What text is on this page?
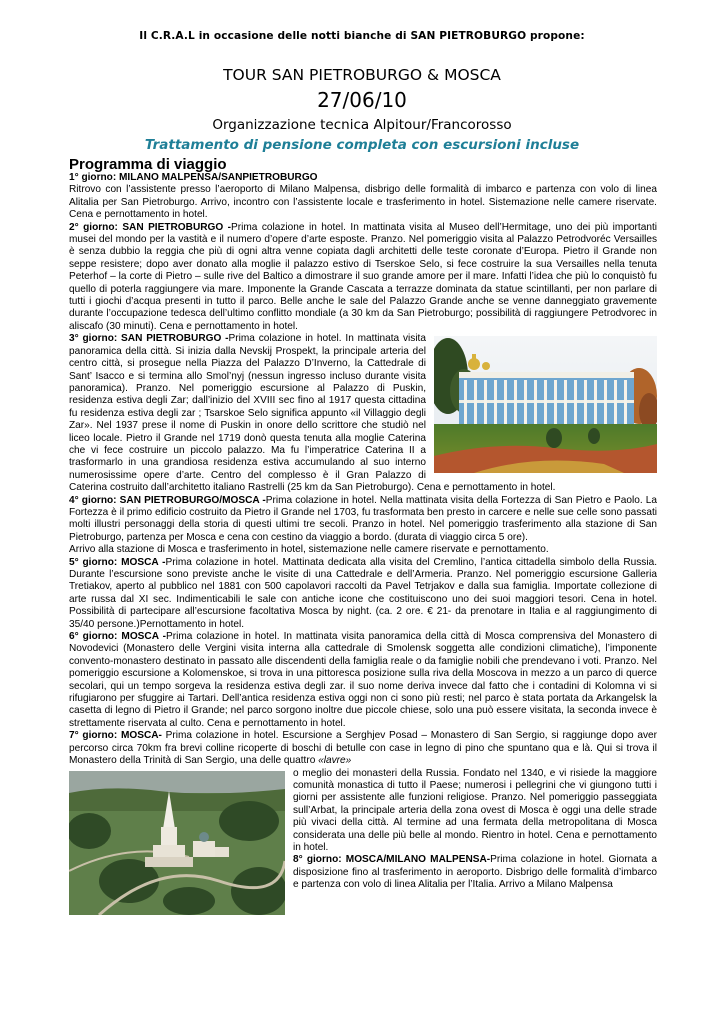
Il C.R.A.L in occasione delle notti bianche di SAN PIETROBURGO propone:
TOUR SAN PIETROBURGO & MOSCA
27/06/10
Organizzazione tecnica Alpitour/Francorosso
Trattamento di pensione completa con escursioni incluse
Programma di viaggio

1° giorno: MILANO MALPENSA/SANPIETROBURGO
Ritrovo con l’assistente presso l’aeroporto di Milano Malpensa, disbrigo delle formalità di imbarco e partenza con volo di linea Alitalia per San Pietroburgo. Arrivo, incontro con l’assistente locale e trasferimento in hotel. Sistemazione nelle camere riservate. Cena e pernottamento in hotel.

2° giorno: SAN PIETROBURGO -Prima colazione in hotel. In mattinata visita al Museo dell’Hermitage, uno dei più importanti musei del mondo per la vastità e il numero d’opere d’arte esposte. Pranzo. Nel pomeriggio visita al Palazzo Petrodvoréc Versailles è senza dubbio la reggia che più di ogni altra venne copiata dagli architetti delle teste coronate d’Europa. Pietro il Grande non seppe resistere; dopo aver donato alla moglie il palazzo estivo di Tserskoe Selo, si fece costruire la sua Versailles nella tenuta Peterhof – la corte di Pietro – sulle rive del Baltico a dimostrare il suo grande amore per il mare. Infatti l’idea che più lo conquistò fu quello di poterla raggiungere via mare. Imponente la Grande Cascata a terrazze dominata da statue scintillanti, per non parlare di tutti i giochi d’acqua presenti in tutto il parco. Belle anche le sale del Palazzo Grande anche se venne danneggiato gravemente durante l’occupazione tedesca dell’ultimo conflitto mondiale (a 30 km da San Pietroburgo; possibilità di raggiungere Petrodvorec in aliscafo (30 minuti). Cena e pernottamento in hotel.

3° giorno: SAN PIETROBURGO -Prima colazione in hotel. In mattinata visita panoramica della città. Si inizia dalla Nevskij Prospekt, la principale arteria del centro città, si prosegue nella Piazza del Palazzo D’Inverno, la Cattedrale di Sant’ Isacco e si termina allo Smol’nyj (nessun ingresso incluso durante visita panoramica). Pranzo. Nel pomeriggio escursione al Palazzo di Puskin, residenza estiva degli Zar; dall’inizio del XVIII sec fino al 1917 questa cittadina fu residenza estiva degli zar ; Tsarskoe Selo significa appunto «il Villaggio degli Zar». Nel 1937 prese il nome di Puskin in onore dello scrittore che studiò nel liceo locale. Pietro il Grande nel 1719 donò questa tenuta alla moglie Caterina che vi fece costruire un piccolo palazzo. Ma fu l’imperatrice Caterina II a trasformarlo in una grandiosa residenza estiva accumulando al suo interno numerosissime opere d’arte. Centro del complesso è il Gran Palazzo di Caterina costruito dall’architetto italiano Rastrelli (25 km da San Pietroburgo). Cena e pernottamento in hotel.

4° giorno: SAN PIETROBURGO/MOSCA -Prima colazione in hotel. Nella mattinata visita della Fortezza di San Pietro e Paolo. La Fortezza è il primo edificio costruito da Pietro il Grande nel 1703, fu trasformata ben presto in carcere e nelle sue celle sono passati molti illustri personaggi della storia di questi ultimi tre secoli. Pranzo in hotel. Nel pomeriggio trasferimento alla stazione di San Pietroburgo, partenza per Mosca e cena con cestino da viaggio a bordo. (durata di viaggio circa 5 ore).
Arrivo alla stazione di Mosca e trasferimento in hotel, sistemazione nelle camere riservate e pernottamento.

5° giorno: MOSCA -Prima colazione in hotel. Mattinata dedicata alla visita del Cremlino, l’antica cittadella simbolo della Russia. Durante l’escursione sono previste anche le visite di una Cattedrale e dell’Armeria. Pranzo. Nel pomeriggio escursione Galleria Tretiakov, aperto al pubblico nel 1881 con 500 capolavori raccolti da Pavel Tetrjakov e dalla sua famiglia. Importate collezione di arte russa dal XI sec. Indimenticabili le sale con antiche icone che costituiscono uno dei suoi maggiori tesori. Cena in hotel. Possibilità di partecipare all’escursione facoltativa Mosca by night. (ca. 2 ore. € 21- da prenotare in Italia e al raggiungimento di 35/40 persone.)Pernottamento in hotel.

6° giorno: MOSCA -Prima colazione in hotel. In mattinata visita panoramica della città di Mosca comprensiva del Monastero di Novodevici (Monastero delle Vergini visita interna alla cattedrale di Smolensk soggetta alle condizioni climatiche), l’imponente convento-monastero destinato in passato alle discendenti della famiglia reale o da famiglie nobili che prendevano i voti. Pranzo. Nel pomeriggio escursione a Kolomenskoe, si trova in una pittoresca posizione sulla riva della Moscova in mezzo a un parco di querce secolari, qui un tempo sorgeva la residenza estiva degli zar. il suo nome deriva invece dal fatto che i contadini di Kolomna vi si rifugiarono per sfuggire ai Tartari. Dell’antica residenza estiva oggi non ci sono più resti; nel parco è stata portata da Arkangelsk la casetta di legno di Pietro il Grande; nel parco sorgono inoltre due piccole chiese, solo una può essere visitata, la seconda invece è strettamente riservata al culto. Cena e pernottamento in hotel.

7° giorno: MOSCA- Prima colazione in hotel. Escursione a Serghjev Posad – Monastero di San Sergio, si raggiunge dopo aver percorso circa 70km fra brevi colline ricoperte di boschi di betulle con case in legno di pino che spuntano qua e là. Qui si trova il Monastero della Trinità di San Sergio, una delle quattro «lavre»

o meglio dei monasteri della Russia. Fondato nel 1340, e vi risiede la maggiore comunità monastica di tutto il Paese; numerosi i pellegrini che vi giungono tutti i giorni per assistente alle funzioni religiose. Pranzo. Nel pomeriggio passeggiata sull’Arbat, la principale arteria della zona ovest di Mosca è oggi una delle strade più vivaci della città. Al termine ad una fermata della metropolitana di Mosca considerata una delle più belle al mondo. Rientro in hotel. Cena e pernottamento in hotel.

8° giorno: MOSCA/MILANO MALPENSA-Prima colazione in hotel. Giornata a disposizione fino al trasferimento in aeroporto. Disbrigo delle formalità d’imbarco e partenza con volo di linea Alitalia per l’Italia. Arrivo a Milano Malpensa
